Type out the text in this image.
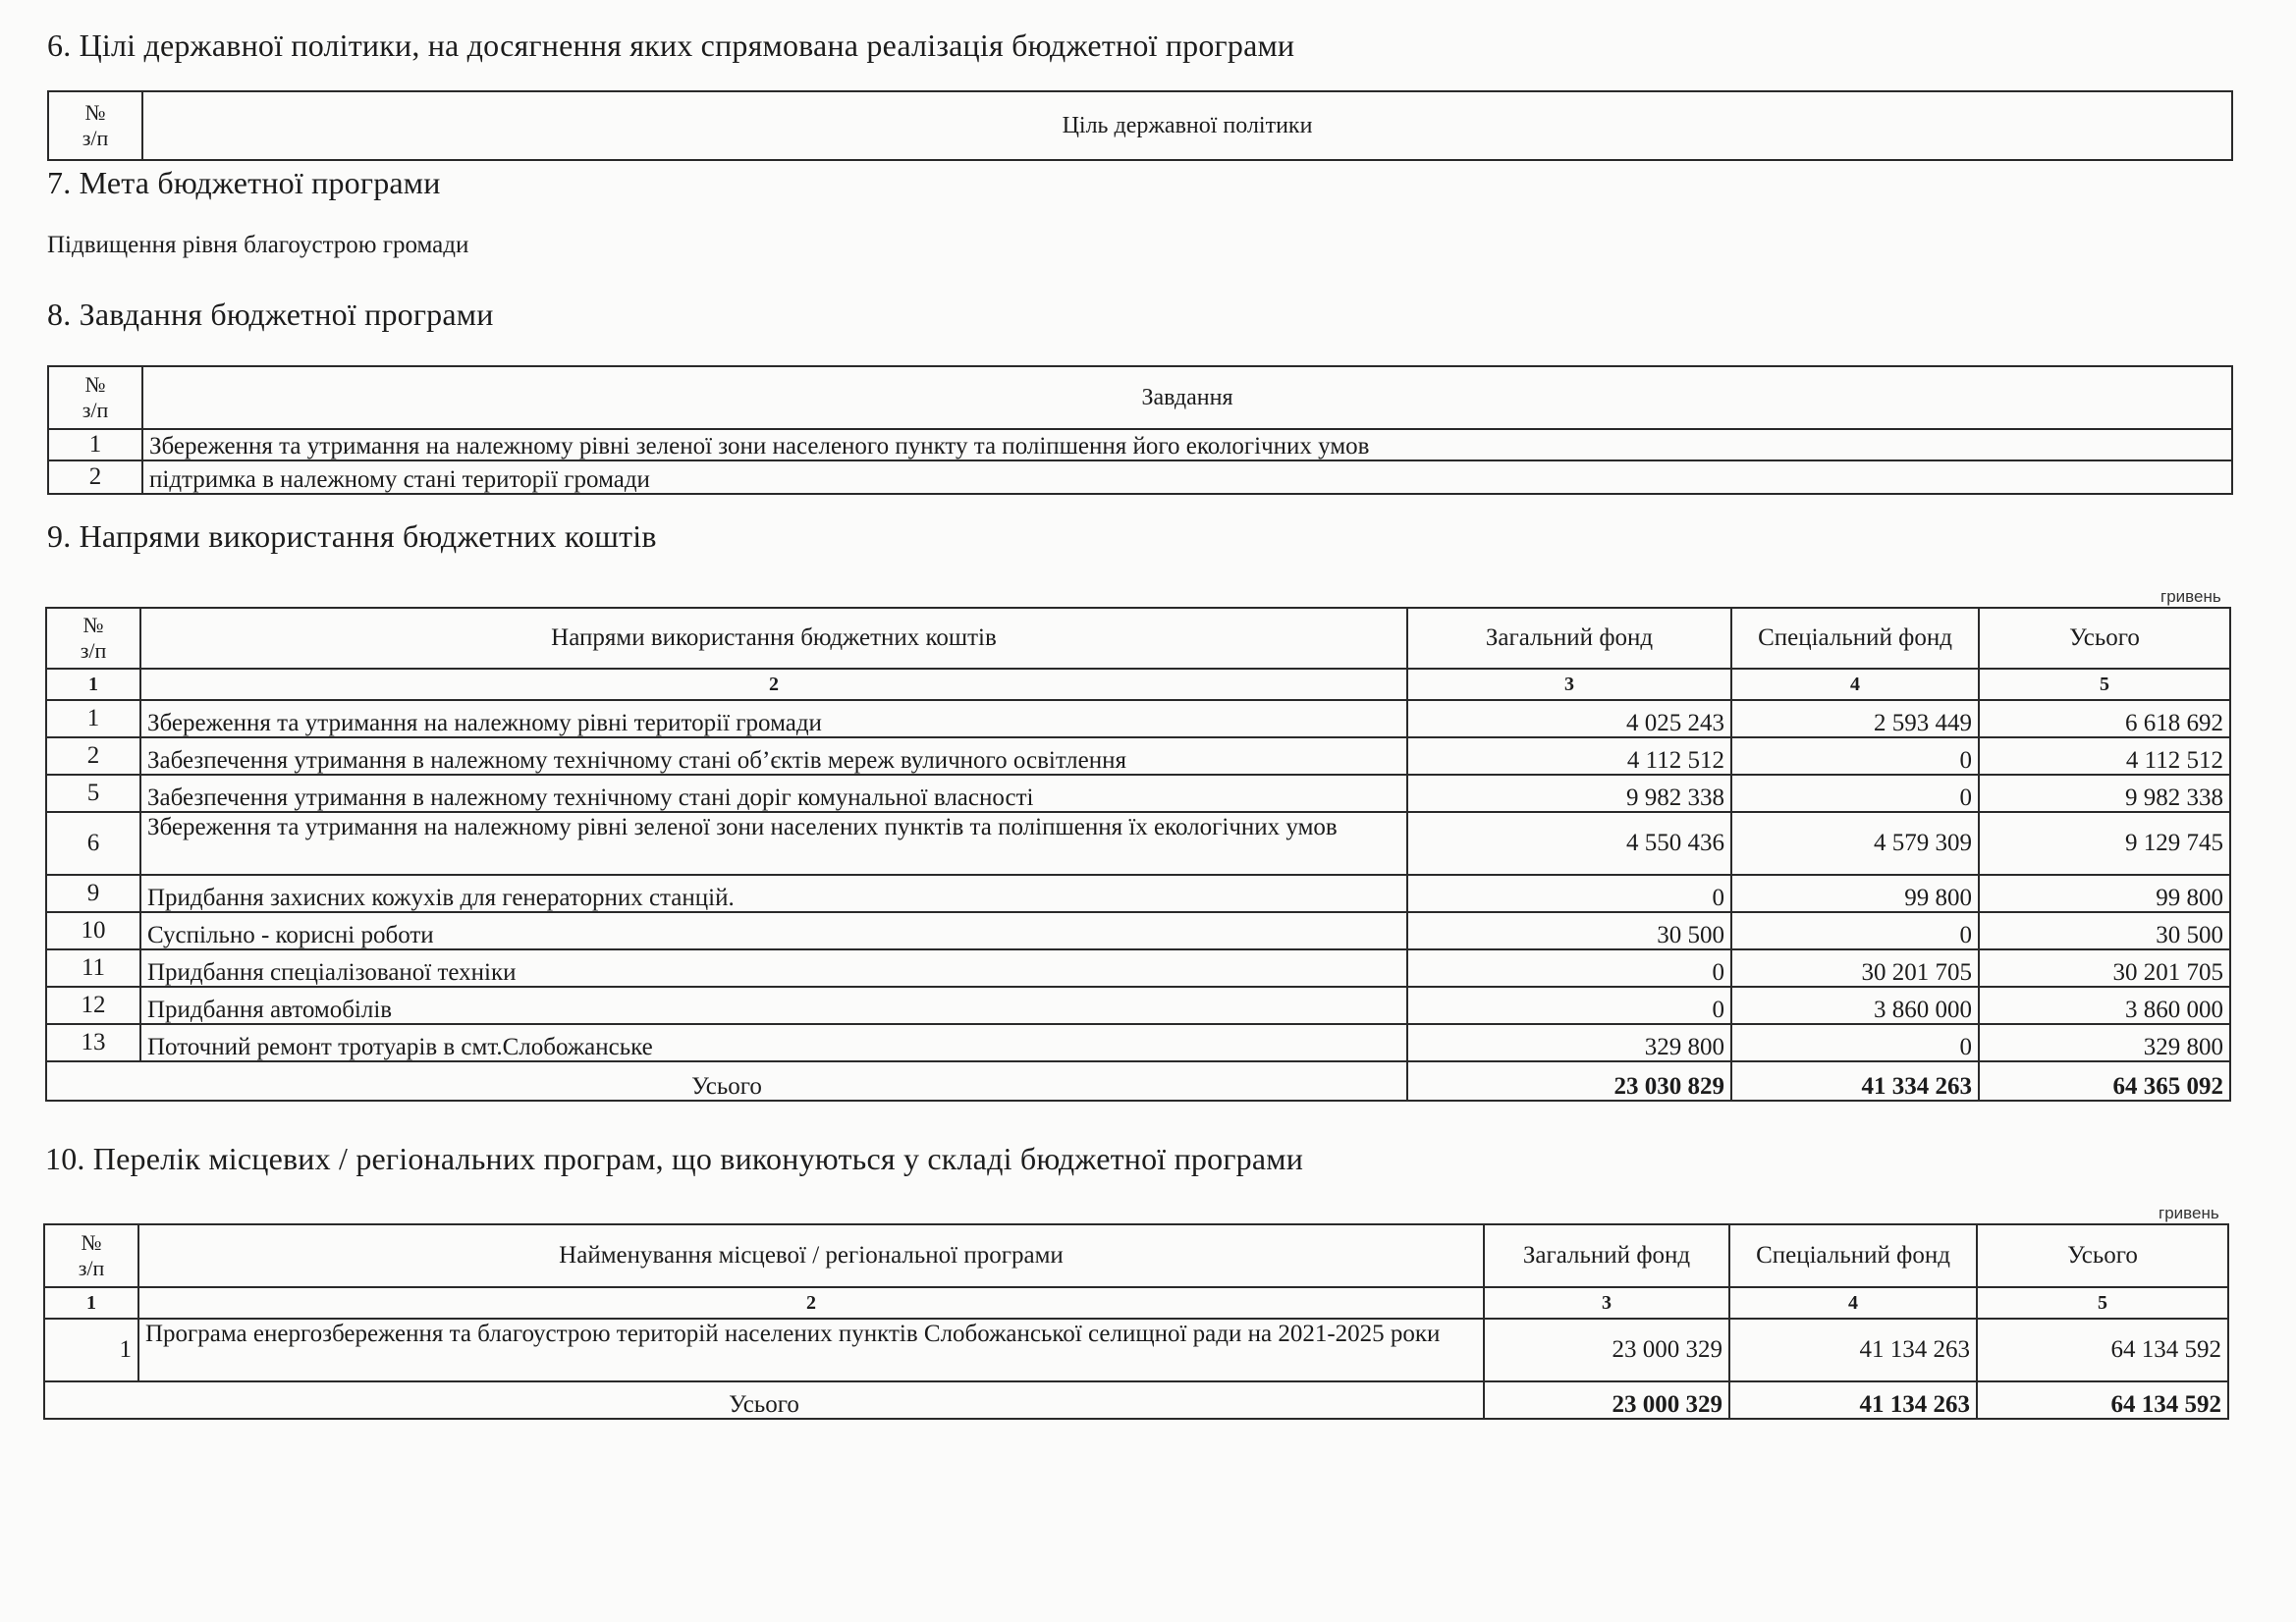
6. Цілі державної політики, на досягнення яких спрямована реалізація бюджетної програми
№
з/п	Ціль державної політики
7. Мета бюджетної програми
Підвищення рівня благоустрою громади
8. Завдання бюджетної програми
№
з/п	Завдання
1	Збереження та утримання на належному рівні зеленої зони населеного пункту та поліпшення його екологічних умов
2	підтримка в належному стані території громади
9. Напрями використання бюджетних коштів
гривень
№
з/п	Напрями використання бюджетних коштів	Загальний фонд	Спеціальний фонд	Усього
1	2	3	4	5
1	Збереження та утримання на належному рівні території громади	4 025 243	2 593 449	6 618 692
2	Забезпечення утримання в належному технічному стані об’єктів мереж вуличного освітлення	4 112 512	0	4 112 512
5	Забезпечення утримання в належному технічному стані доріг комунальної власності	9 982 338	0	9 982 338
6	Збереження та утримання на належному рівні зеленої зони населених пунктів та поліпшення їх екологічних умов	4 550 436	4 579 309	9 129 745
9	Придбання захисних кожухів для генераторних станцій.	0	99 800	99 800
10	Суспільно - корисні роботи	30 500	0	30 500
11	Придбання спеціалізованої техніки	0	30 201 705	30 201 705
12	Придбання автомобілів	0	3 860 000	3 860 000
13	Поточний ремонт тротуарів в смт.Слобожанське	329 800	0	329 800
Усього		23 030 829	41 334 263	64 365 092
10. Перелік місцевих / регіональних програм, що виконуються у складі бюджетної програми
гривень
№
з/п	Найменування місцевої / регіональної програми	Загальний фонд	Спеціальний фонд	Усього
1	2	3	4	5
1	Програма енергозбереження та благоустрою територій населених пунктів Слобожанської селищної ради на 2021-2025 роки	23 000 329	41 134 263	64 134 592
Усього		23 000 329	41 134 263	64 134 592
